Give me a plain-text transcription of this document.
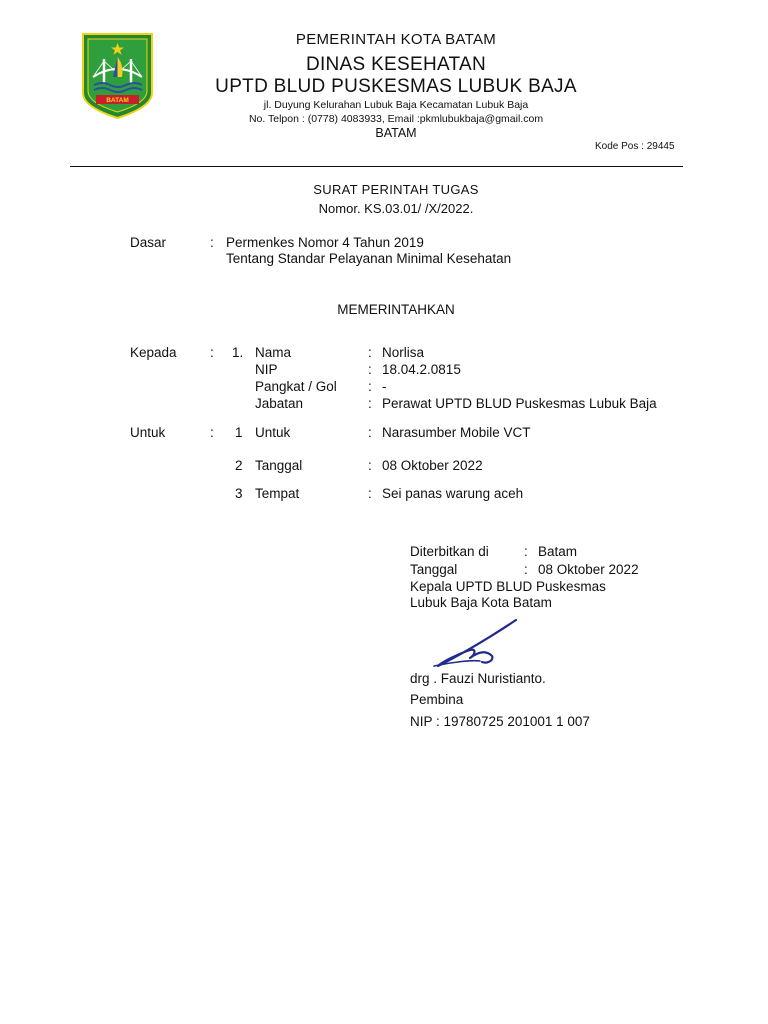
BATAM
PEMERINTAH KOTA BATAM
DINAS KESEHATAN
UPTD BLUD PUSKESMAS LUBUK BAJA
jl. Duyung Kelurahan Lubuk Baja Kecamatan Lubuk Baja
No. Telpon : (0778) 4083933, Email :pkmlubukbaja@gmail.com
BATAM
Kode Pos : 29445
SURAT PERINTAH TUGAS
Nomor. KS.03.01/ /X/2022.
Dasar	: Permenkes Nomor 4 Tahun 2019
Tentang Standar Pelayanan Minimal Kesehatan
MEMERINTAHKAN
Kepada : 1. Nama	: Norlisa
NIP	: 18.04.2.0815
Pangkat / Gol : -
Jabatan	: Perawat UPTD BLUD Puskesmas Lubuk Baja
Untuk	: 1 Untuk	: Narasumber Mobile VCT
2 Tanggal	: 08 Oktober 2022
3 Tempat	: Sei panas warung aceh
Diterbitkan di	: Batam
Tanggal	: 08 Oktober 2022
Kepala UPTD BLUD Puskesmas
Lubuk Baja Kota Batam
drg . Fauzi Nuristianto.
Pembina
NIP : 19780725 201001 1 007
